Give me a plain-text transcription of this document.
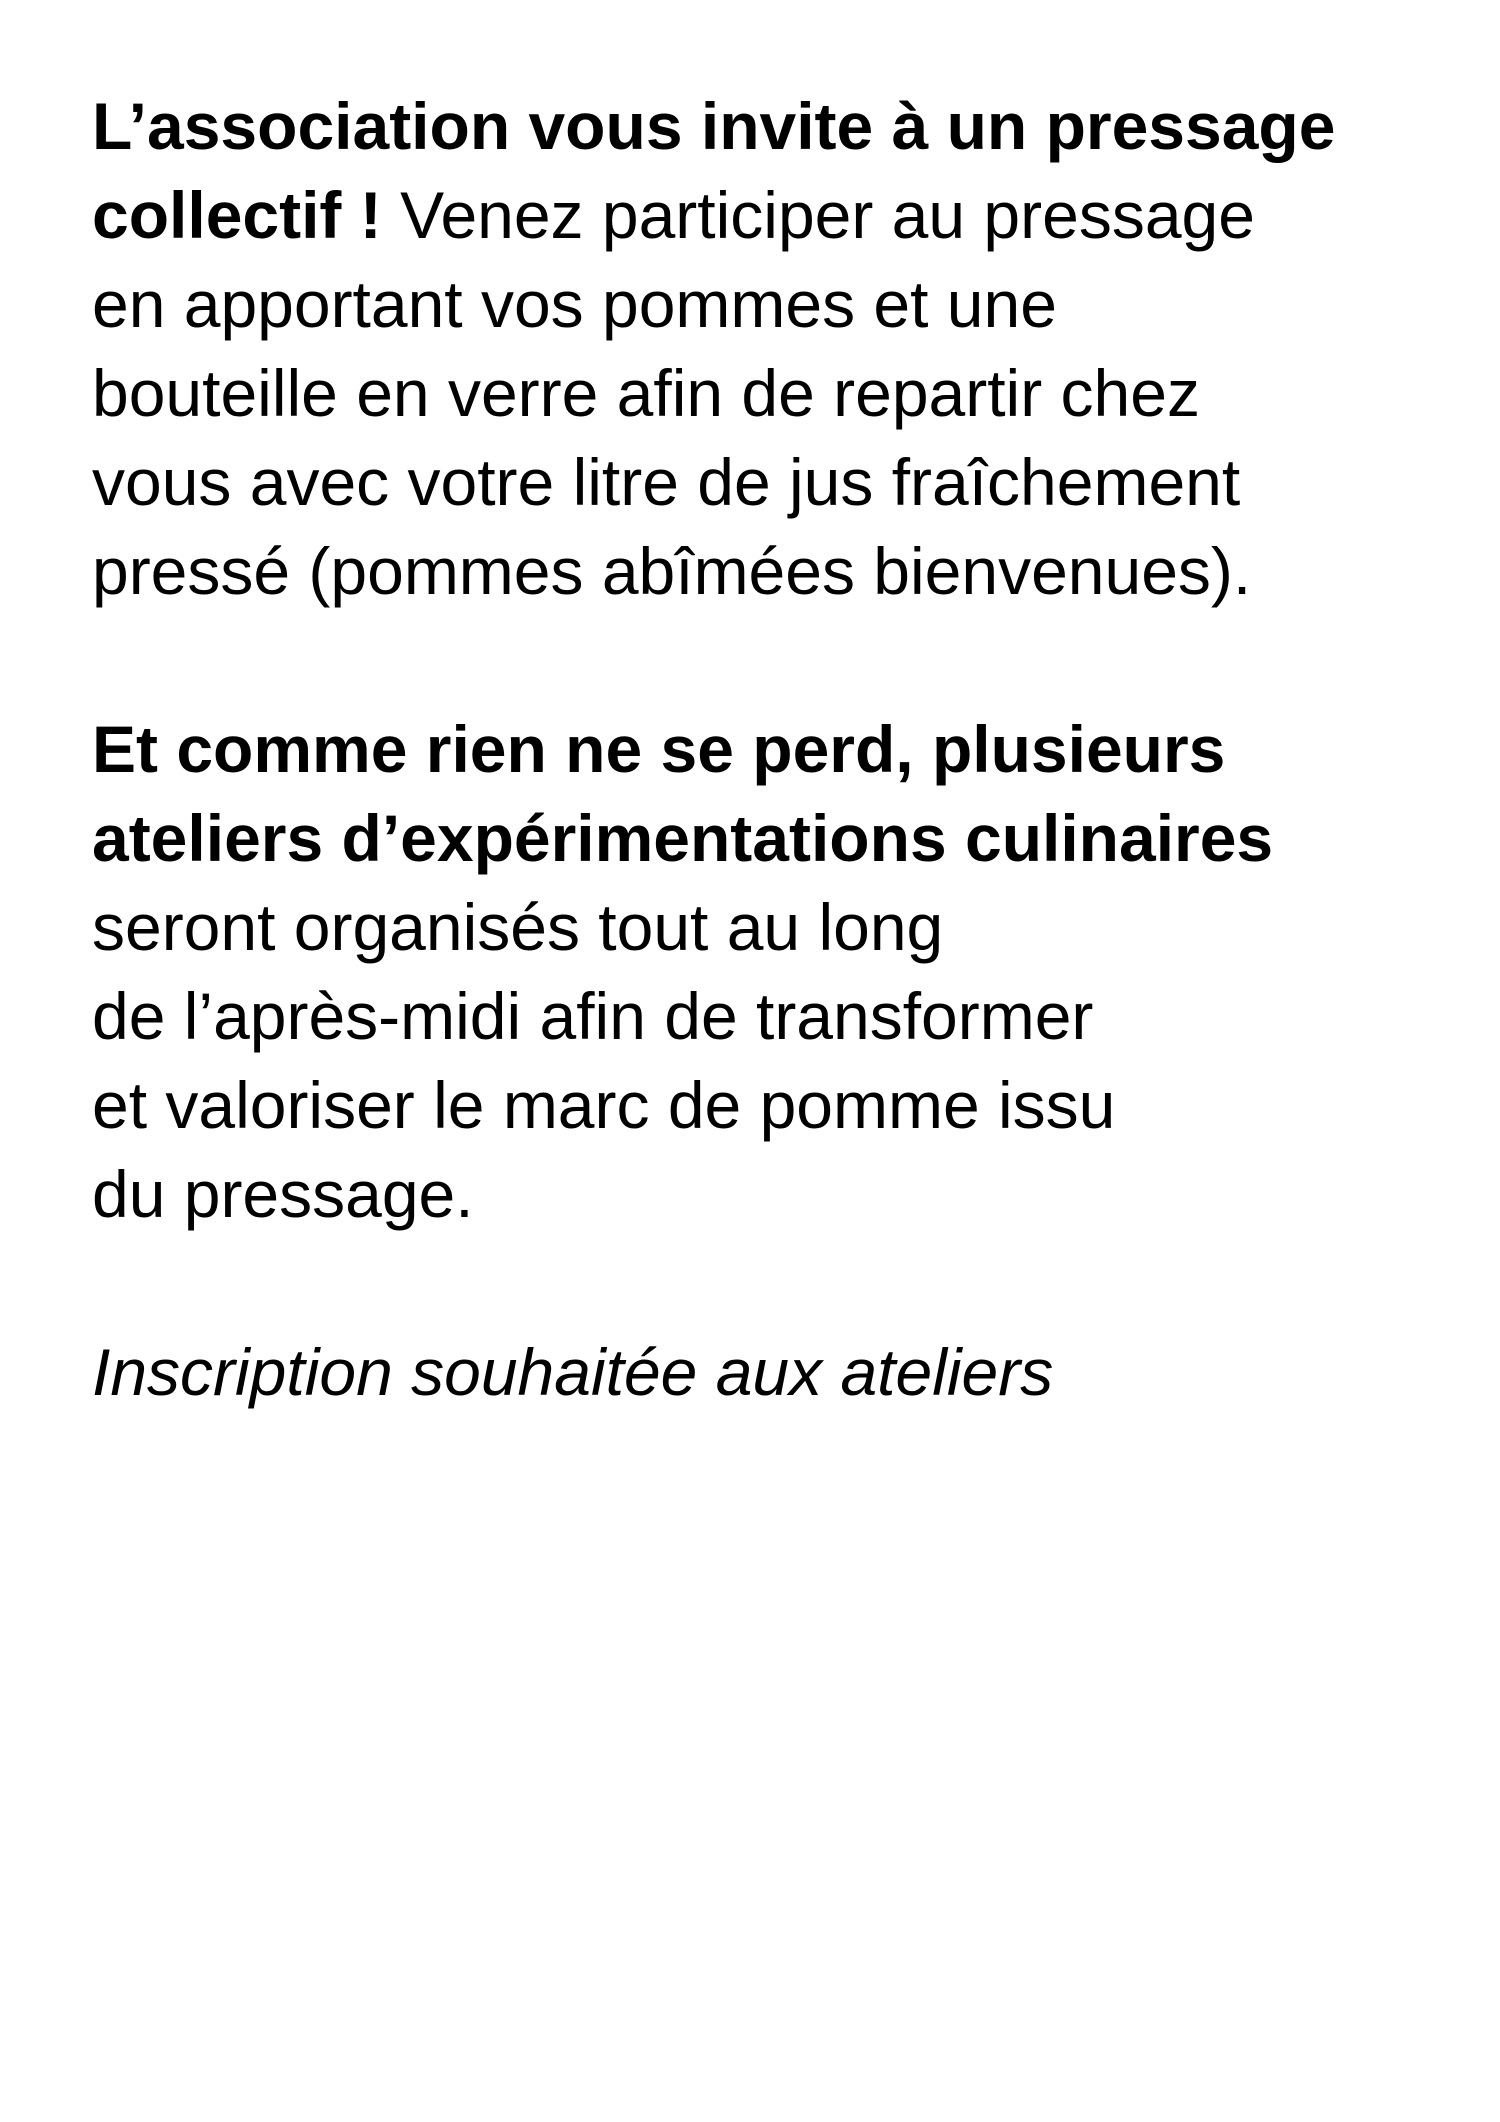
L’association vous invite à un pressage
collectif ! Venez participer au pressage
en apportant vos pommes et une
bouteille en verre afin de repartir chez
vous avec votre litre de jus fraîchement
pressé (pommes abîmées bienvenues).

Et comme rien ne se perd, plusieurs
ateliers d’expérimentations culinaires
seront organisés tout au long
de l’après-midi afin de transformer
et valoriser le marc de pomme issu
du pressage.

Inscription souhaitée aux ateliers
